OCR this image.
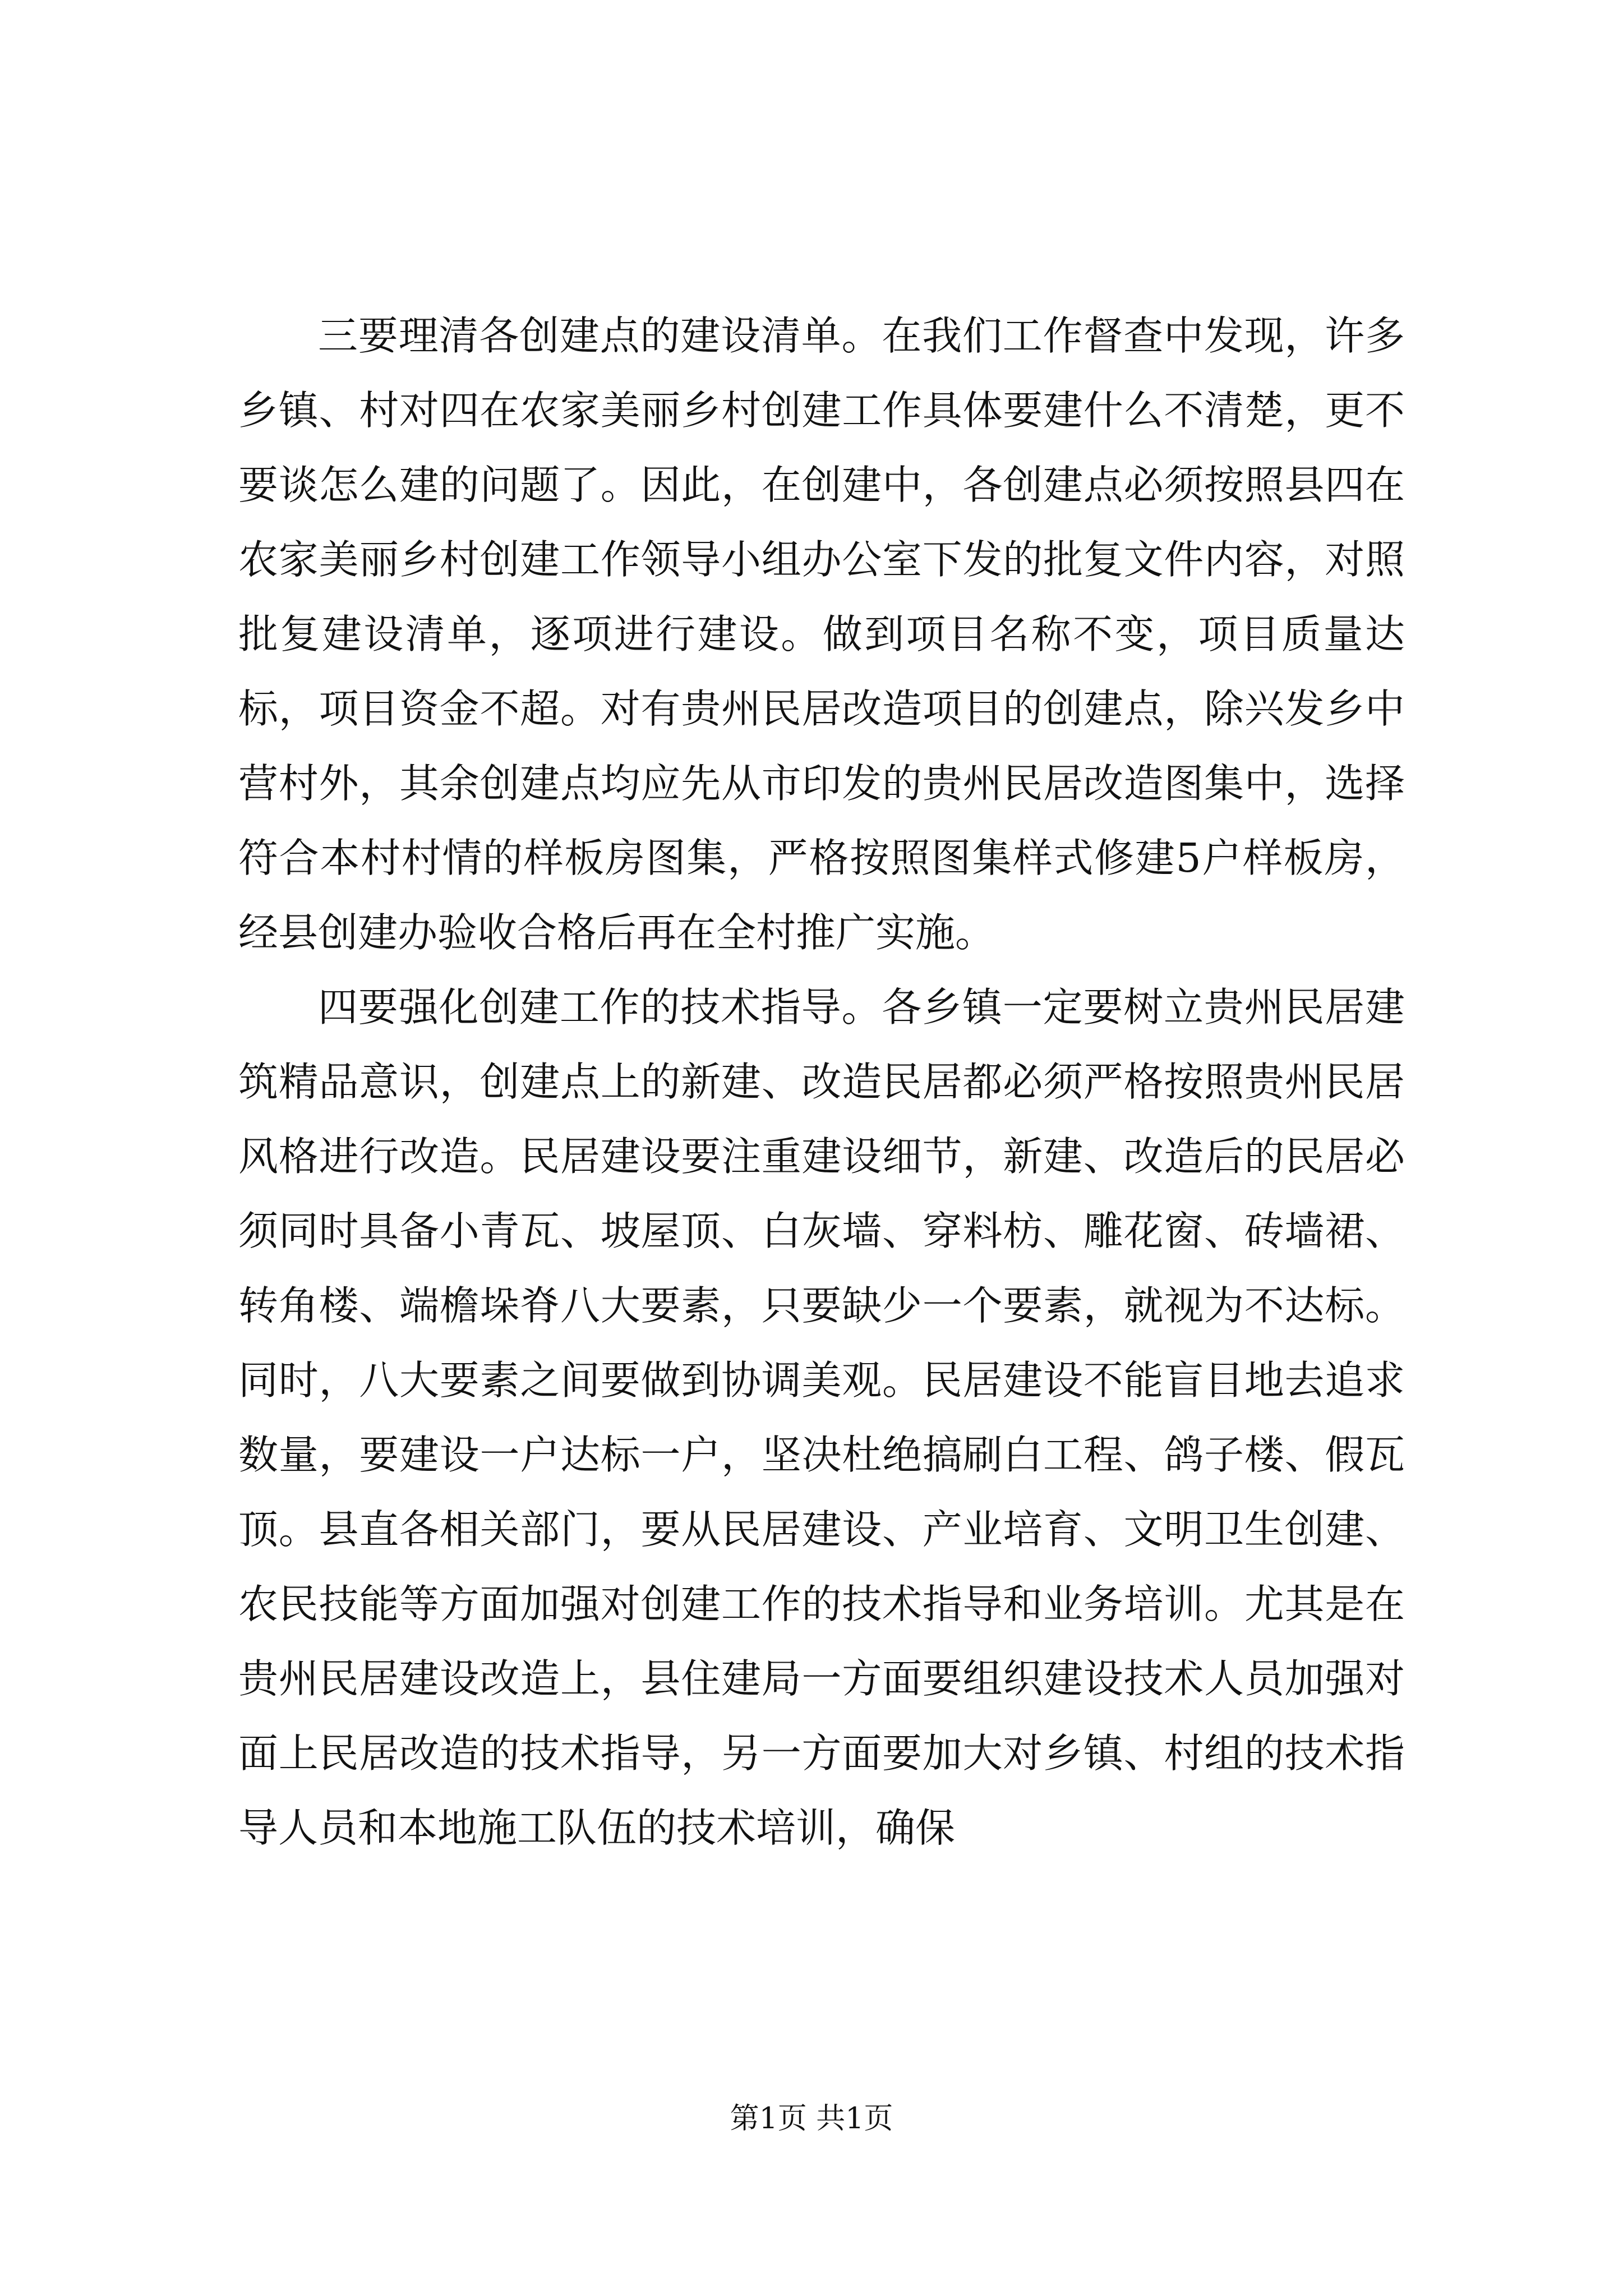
三要理清各创建点的建设清单。在我们工作督查中发现，许多乡镇、村对四在农家美丽乡村创建工作具体要建什么不清楚，更不要谈怎么建的问题了。因此，在创建中，各创建点必须按照县四在农家美丽乡村创建工作领导小组办公室下发的批复文件内容，对照批复建设清单，逐项进行建设。做到项目名称不变，项目质量达标，项目资金不超。对有贵州民居改造项目的创建点，除兴发乡中营村外，其余创建点均应先从市印发的贵州民居改造图集中，选择符合本村村情的样板房图集，严格按照图集样式修建5户样板房，经县创建办验收合格后再在全村推广实施。

四要强化创建工作的技术指导。各乡镇一定要树立贵州民居建筑精品意识，创建点上的新建、改造民居都必须严格按照贵州民居风格进行改造。民居建设要注重建设细节，新建、改造后的民居必须同时具备小青瓦、坡屋顶、白灰墙、穿料枋、雕花窗、砖墙裙、转角楼、端檐垛脊八大要素，只要缺少一个要素，就视为不达标。同时，八大要素之间要做到协调美观。民居建设不能盲目地去追求数量，要建设一户达标一户，坚决杜绝搞刷白工程、鸽子楼、假瓦顶。县直各相关部门，要从民居建设、产业培育、文明卫生创建、农民技能等方面加强对创建工作的技术指导和业务培训。尤其是在贵州民居建设改造上，县住建局一方面要组织建设技术人员加强对面上民居改造的技术指导，另一方面要加大对乡镇、村组的技术指导人员和本地施工队伍的技术培训，确保

第1页 共1页
